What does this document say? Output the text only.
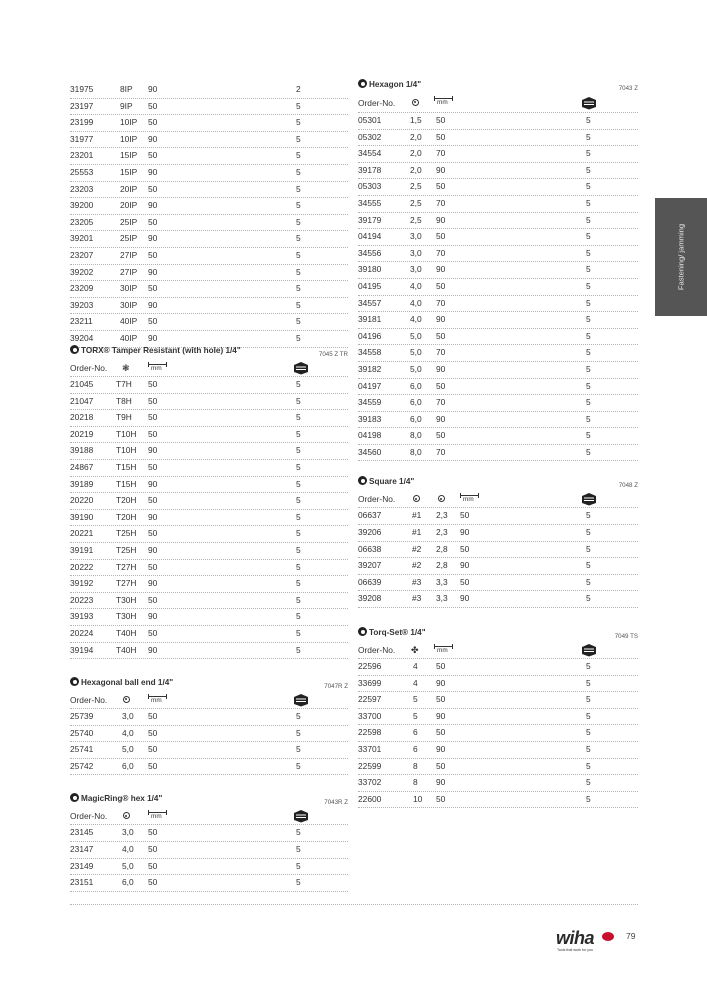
31975	8IP 90	2
23197	9IP 50	5
23199	10IP 50	5
31977	10IP 90	5
23201	15IP 50	5
25553	15IP 90	5
23203	20IP 50	5
39200	20IP 90	5
23205	25IP 50	5
39201	25IP 90	5
23207	27IP 50	5
39202	27IP 90	5
23209	30IP 50	5
39203	30IP 90	5
23211	40IP 50	5
39204	40IP 90	5
TORX® Tamper Resistant (with hole) 1/4"	7045 Z TR
Order-No. ❃	mm
21045	T7H 50	5
21047	T8H 50	5
20218	T9H 50	5
20219	T10H 50	5
39188	T10H 90	5
24867	T15H 50	5
39189	T15H 90	5
20220	T20H 50	5
39190	T20H 90	5
20221	T25H 50	5
39191	T25H 90	5
20222	T27H 50	5
39192	T27H 90	5
20223	T30H 50	5
39193	T30H 90	5
20224	T40H 50	5
39194	T40H 90	5
Hexagonal ball end 1/4"	7047R Z
Order-No.	mm
25739	3,0 50	5
25740	4,0 50	5
25741	5,0 50	5
25742	6,0 50	5
MagicRing® hex 1/4"	7043R Z
Order-No.	mm
23145	3,0 50	5
23147	4,0 50	5
23149	5,0 50	5
23151	6,0 50	5
Hexagon 1/4"	7043 Z
Order-No.	mm
05301	1,5 50	5
05302	2,0 50	5
34554	2,0 70	5
39178	2,0 90	5
05303	2,5 50	5
34555	2,5 70	5
39179	2,5 90	5
04194	3,0 50	5
34556	3,0 70	5
39180	3,0 90	5
04195	4,0 50	5
34557	4,0 70	5
39181	4,0 90	5
04196	5,0 50	5
34558	5,0 70	5
39182	5,0 90	5
04197	6,0 50	5
34559	6,0 70	5
39183	6,0 90	5
04198	8,0 50	5
34560	8,0 70	5
Square 1/4"	7048 Z
Order-No.	mm
06637	#1 2,3 50	5
39206	#1 2,3 90	5
06638	#2 2,8 50	5
39207	#2 2,8 90	5
06639	#3 3,3 50	5
39208	#3 3,3 90	5
Torq-Set® 1/4"	7049 TS
Order-No. ✤	mm
22596	4 50	5
33699	4 90	5
22597	5 50	5
33700	5 90	5
22598	6 50	5
33701	6 90	5
22599	8 50	5
33702	8 90	5
22600	10 50	5
Fastening/ jamming
wiha
Tools that work for you
79
